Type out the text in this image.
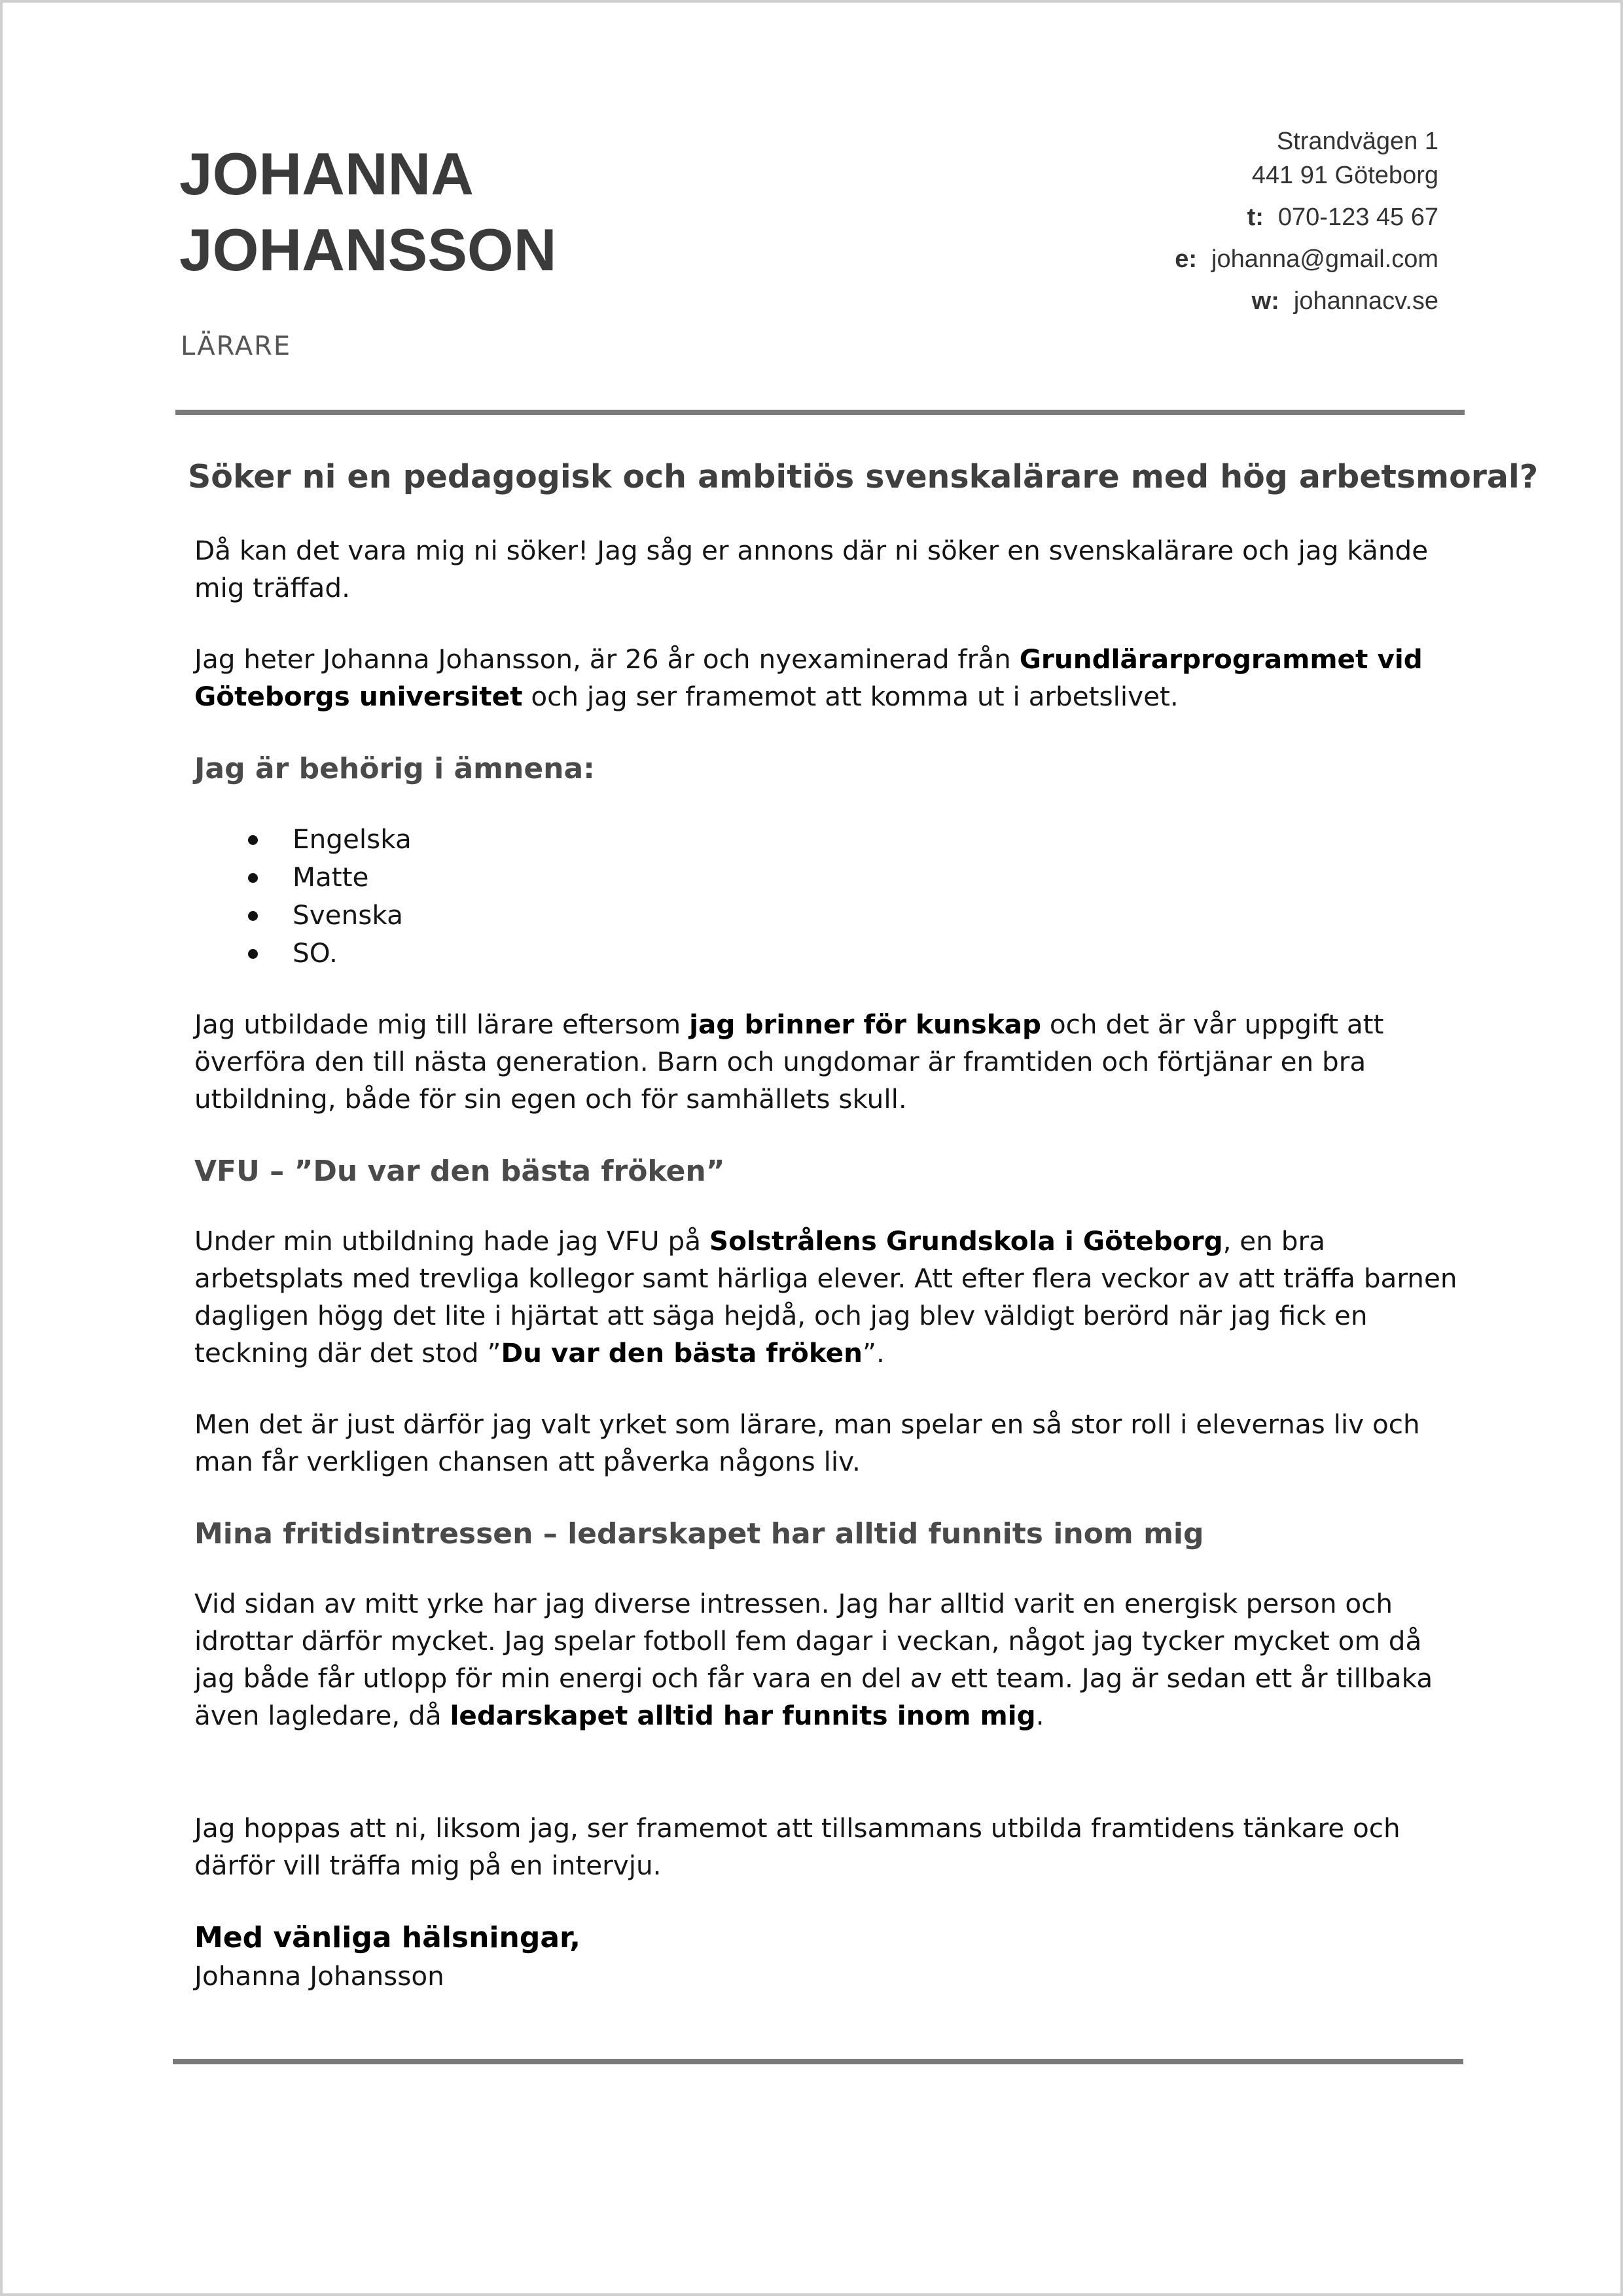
JOHANNA
JOHANSSON
LÄRARE
Strandvägen 1
441 91 Göteborg
t: 070-123 45 67
e: johanna@gmail.com
w: johannacv.se
Söker ni en pedagogisk och ambitiös svenskalärare med hög arbetsmoral?

Då kan det vara mig ni söker! Jag såg er annons där ni söker en svenskalärare och jag kände mig träffad.

Jag heter Johanna Johansson, är 26 år och nyexaminerad från Grundlärarprogrammet vid Göteborgs universitet och jag ser framemot att komma ut i arbetslivet.

Jag är behörig i ämnena:
Engelska
Matte
Svenska
SO.

Jag utbildade mig till lärare eftersom jag brinner för kunskap och det är vår uppgift att överföra den till nästa generation. Barn och ungdomar är framtiden och förtjänar en bra utbildning, både för sin egen och för samhällets skull.

VFU – ”Du var den bästa fröken”

Under min utbildning hade jag VFU på Solstrålens Grundskola i Göteborg, en bra arbetsplats med trevliga kollegor samt härliga elever. Att efter flera veckor av att träffa barnen dagligen högg det lite i hjärtat att säga hejdå, och jag blev väldigt berörd när jag fick en teckning där det stod ”Du var den bästa fröken”.

Men det är just därför jag valt yrket som lärare, man spelar en så stor roll i elevernas liv och man får verkligen chansen att påverka någons liv.

Mina fritidsintressen – ledarskapet har alltid funnits inom mig

Vid sidan av mitt yrke har jag diverse intressen. Jag har alltid varit en energisk person och idrottar därför mycket. Jag spelar fotboll fem dagar i veckan, något jag tycker mycket om då jag både får utlopp för min energi och får vara en del av ett team. Jag är sedan ett år tillbaka även lagledare, då ledarskapet alltid har funnits inom mig.

Jag hoppas att ni, liksom jag, ser framemot att tillsammans utbilda framtidens tänkare och därför vill träffa mig på en intervju.

Med vänliga hälsningar,
Johanna Johansson
